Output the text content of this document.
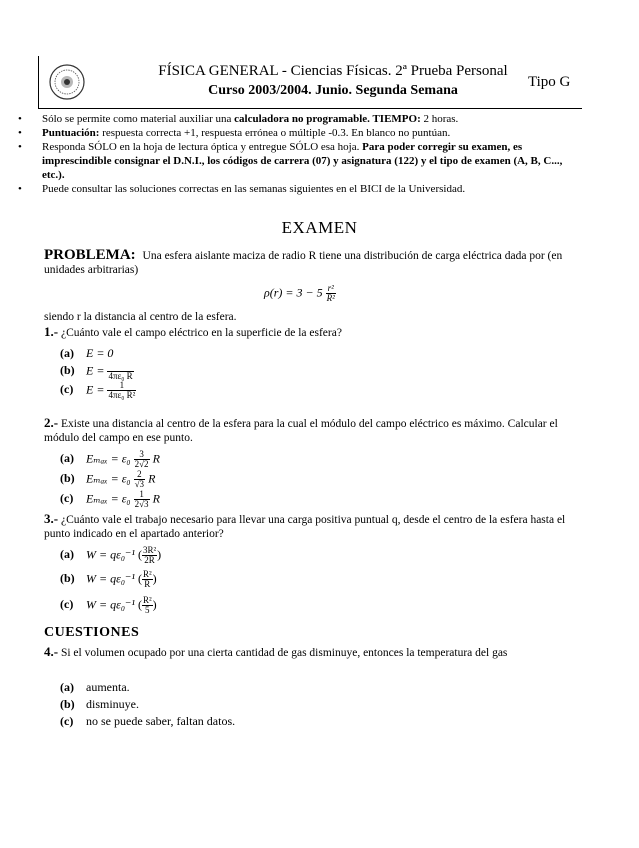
FÍSICA GENERAL - Ciencias Físicas. 2ª Prueba Personal
Curso 2003/2004. Junio. Segunda Semana
Tipo G
• Sólo se permite como material auxiliar una calculadora no programable. TIEMPO: 2 horas.
• Puntuación: respuesta correcta +1, respuesta errónea o múltiple -0.3. En blanco no puntúan.
• Responda SÓLO en la hoja de lectura óptica y entregue SÓLO esa hoja. Para poder corregir su examen, es imprescindible consignar el D.N.I., los códigos de carrera (07) y asignatura (122) y el tipo de examen (A, B, C..., etc.).
• Puede consultar las soluciones correctas en las semanas siguientes en el BICI de la Universidad.
EXAMEN
PROBLEMA: Una esfera aislante maciza de radio R tiene una distribución de carga eléctrica dada por (en unidades arbitrarias)
$\rho(r) = 3 - 5 \frac{\text{r²}}{\text{R²}}$
siendo r la distancia al centro de la esfera.
1.- ¿Cuánto vale el campo eléctrico en la superficie de la esfera?
(a) E = 0
(b) E =
4πε₀ R
(c) $E = \frac{1}{\text{4πε₀ R²}}$
2.- Existe una distancia al centro de la esfera para la cual el módulo del campo eléctrico es máximo. Calcular el módulo del campo en ese punto.
(a) $E_{max} = \varepsilon_0 \frac{3}{2√2}$ R
(b) $E_{max} = \varepsilon_0 \frac{2}{√3}$ R
(c) $E_{max} = \varepsilon_0 \frac{1}{2√3}$ R
3.- ¿Cuánto vale el trabajo necesario para llevar una carga positiva puntual q, desde el centro de la esfera hasta el punto indicado en el apartado anterior?
(a) W = qε₀⁻¹ ( $\frac{\text{3R²}}{2R}$ )
(b) W = qε₀⁻¹ ( $\frac{\text{R²}}{R}$ )
(c) W = qε₀⁻¹ ( $\frac{\text{R²}}{5}$ )
CUESTIONES
4.- Si el volumen ocupado por una cierta cantidad de gas disminuye, entonces la temperatura del gas
(a) aumenta.
(b) disminuye.
(c) no se puede saber, faltan datos.
